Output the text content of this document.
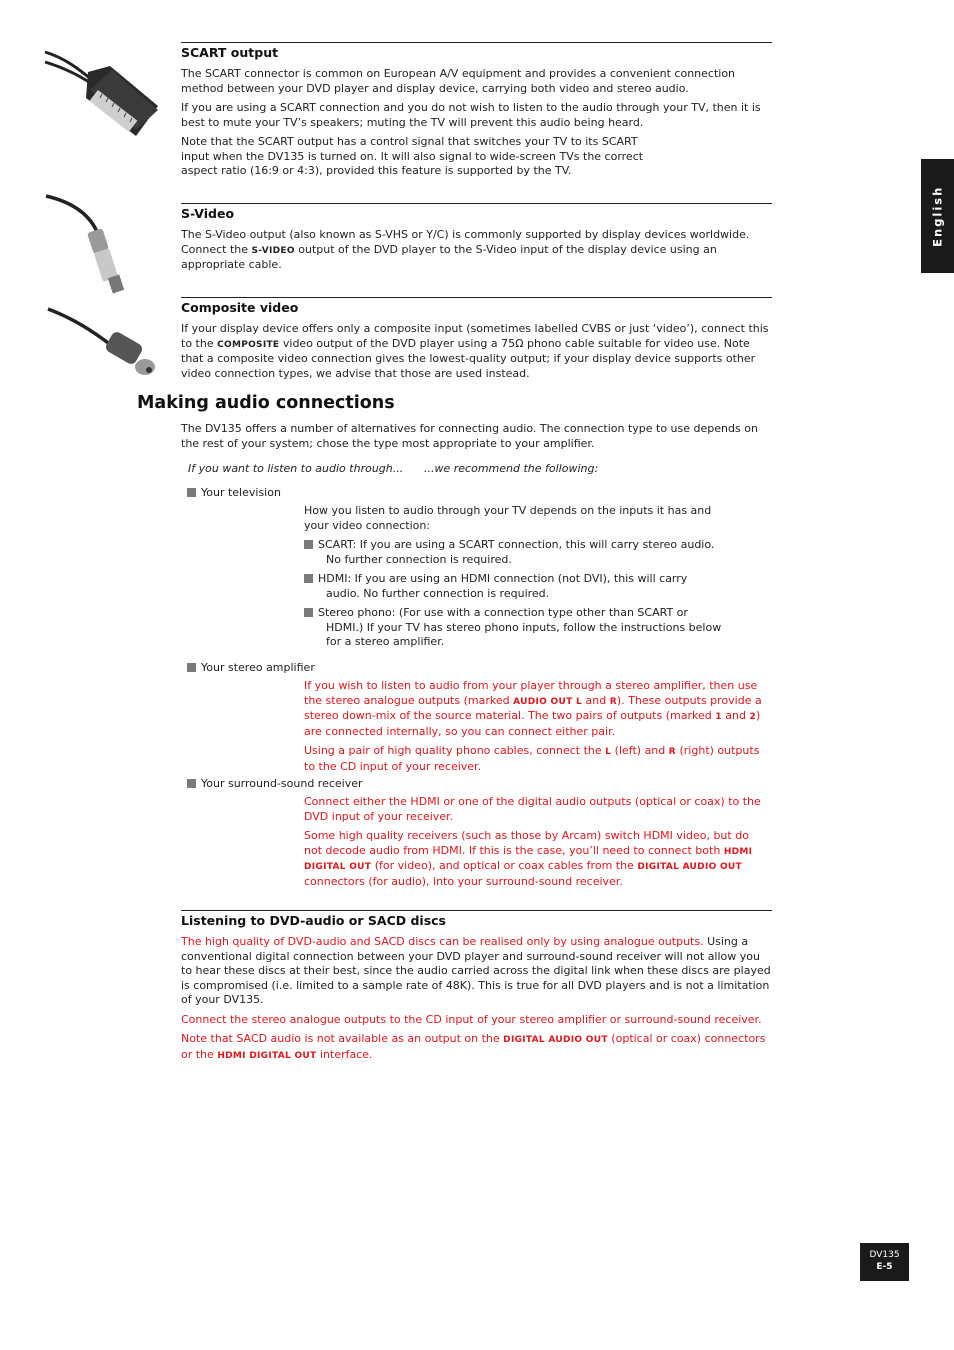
English
SCART output

The SCART connector is common on European A/V equipment and provides a convenient connection method between your DVD player and display device, carrying both video and stereo audio.

If you are using a SCART connection and you do not wish to listen to the audio through your TV, then it is best to mute your TV’s speakers; muting the TV will prevent this audio being heard.

Note that the SCART output has a control signal that switches your TV to its SCART
input when the DV135 is turned on. It will also signal to wide-screen TVs the correct
aspect ratio (16:9 or 4:3), provided this feature is supported by the TV.

S-Video

The S-Video output (also known as S-VHS or Y/C) is commonly supported by display devices worldwide. Connect the S-VIDEO output of the DVD player to the S-Video input of the display device using an appropriate cable.

Composite video

If your display device offers only a composite input (sometimes labelled CVBS or just ‘video’), connect this to the COMPOSITE video output of the DVD player using a 75Ω phono cable suitable for video use. Note that a composite video connection gives the lowest-quality output; if your display device supports other video connection types, we advise that those are used instead.

Making audio connections
The DV135 offers a number of alternatives for connecting audio. The connection type to use depends on the rest of your system; chose the type most appropriate to your amplifier.
If you want to listen to audio through... ...we recommend the following:
Your television

How you listen to audio through your TV depends on the inputs it has and your video connection:

SCART: If you are using a SCART connection, this will carry stereo audio. No further connection is required.

HDMI: If you are using an HDMI connection (not DVI), this will carry audio. No further connection is required.

Stereo phono: (For use with a connection type other than SCART or HDMI.) If your TV has stereo phono inputs, follow the instructions below for a stereo amplifier.

Your stereo amplifier

If you wish to listen to audio from your player through a stereo amplifier, then use the stereo analogue outputs (marked AUDIO OUT L and R). These outputs provide a stereo down-mix of the source material. The two pairs of outputs (marked 1 and 2) are connected internally, so you can connect either pair.

Using a pair of high quality phono cables, connect the L (left) and R (right) outputs to the CD input of your receiver.

Your surround-sound receiver

Connect either the HDMI or one of the digital audio outputs (optical or coax) to the DVD input of your receiver.

Some high quality receivers (such as those by Arcam) switch HDMI video, but do not decode audio from HDMI. If this is the case, you’ll need to connect both HDMI DIGITAL OUT (for video), and optical or coax cables from the DIGITAL AUDIO OUT connectors (for audio), into your surround-sound receiver.

Listening to DVD-audio or SACD discs

The high quality of DVD-audio and SACD discs can be realised only by using analogue outputs. Using a conventional digital connection between your DVD player and surround-sound receiver will not allow you to hear these discs at their best, since the audio carried across the digital link when these discs are played is compromised (i.e. limited to a sample rate of 48K). This is true for all DVD players and is not a limitation of your DV135.

Connect the stereo analogue outputs to the CD input of your stereo amplifier or surround-sound receiver.

Note that SACD audio is not available as an output on the DIGITAL AUDIO OUT (optical or coax) connectors or the HDMI DIGITAL OUT interface.

DV135
E-5
